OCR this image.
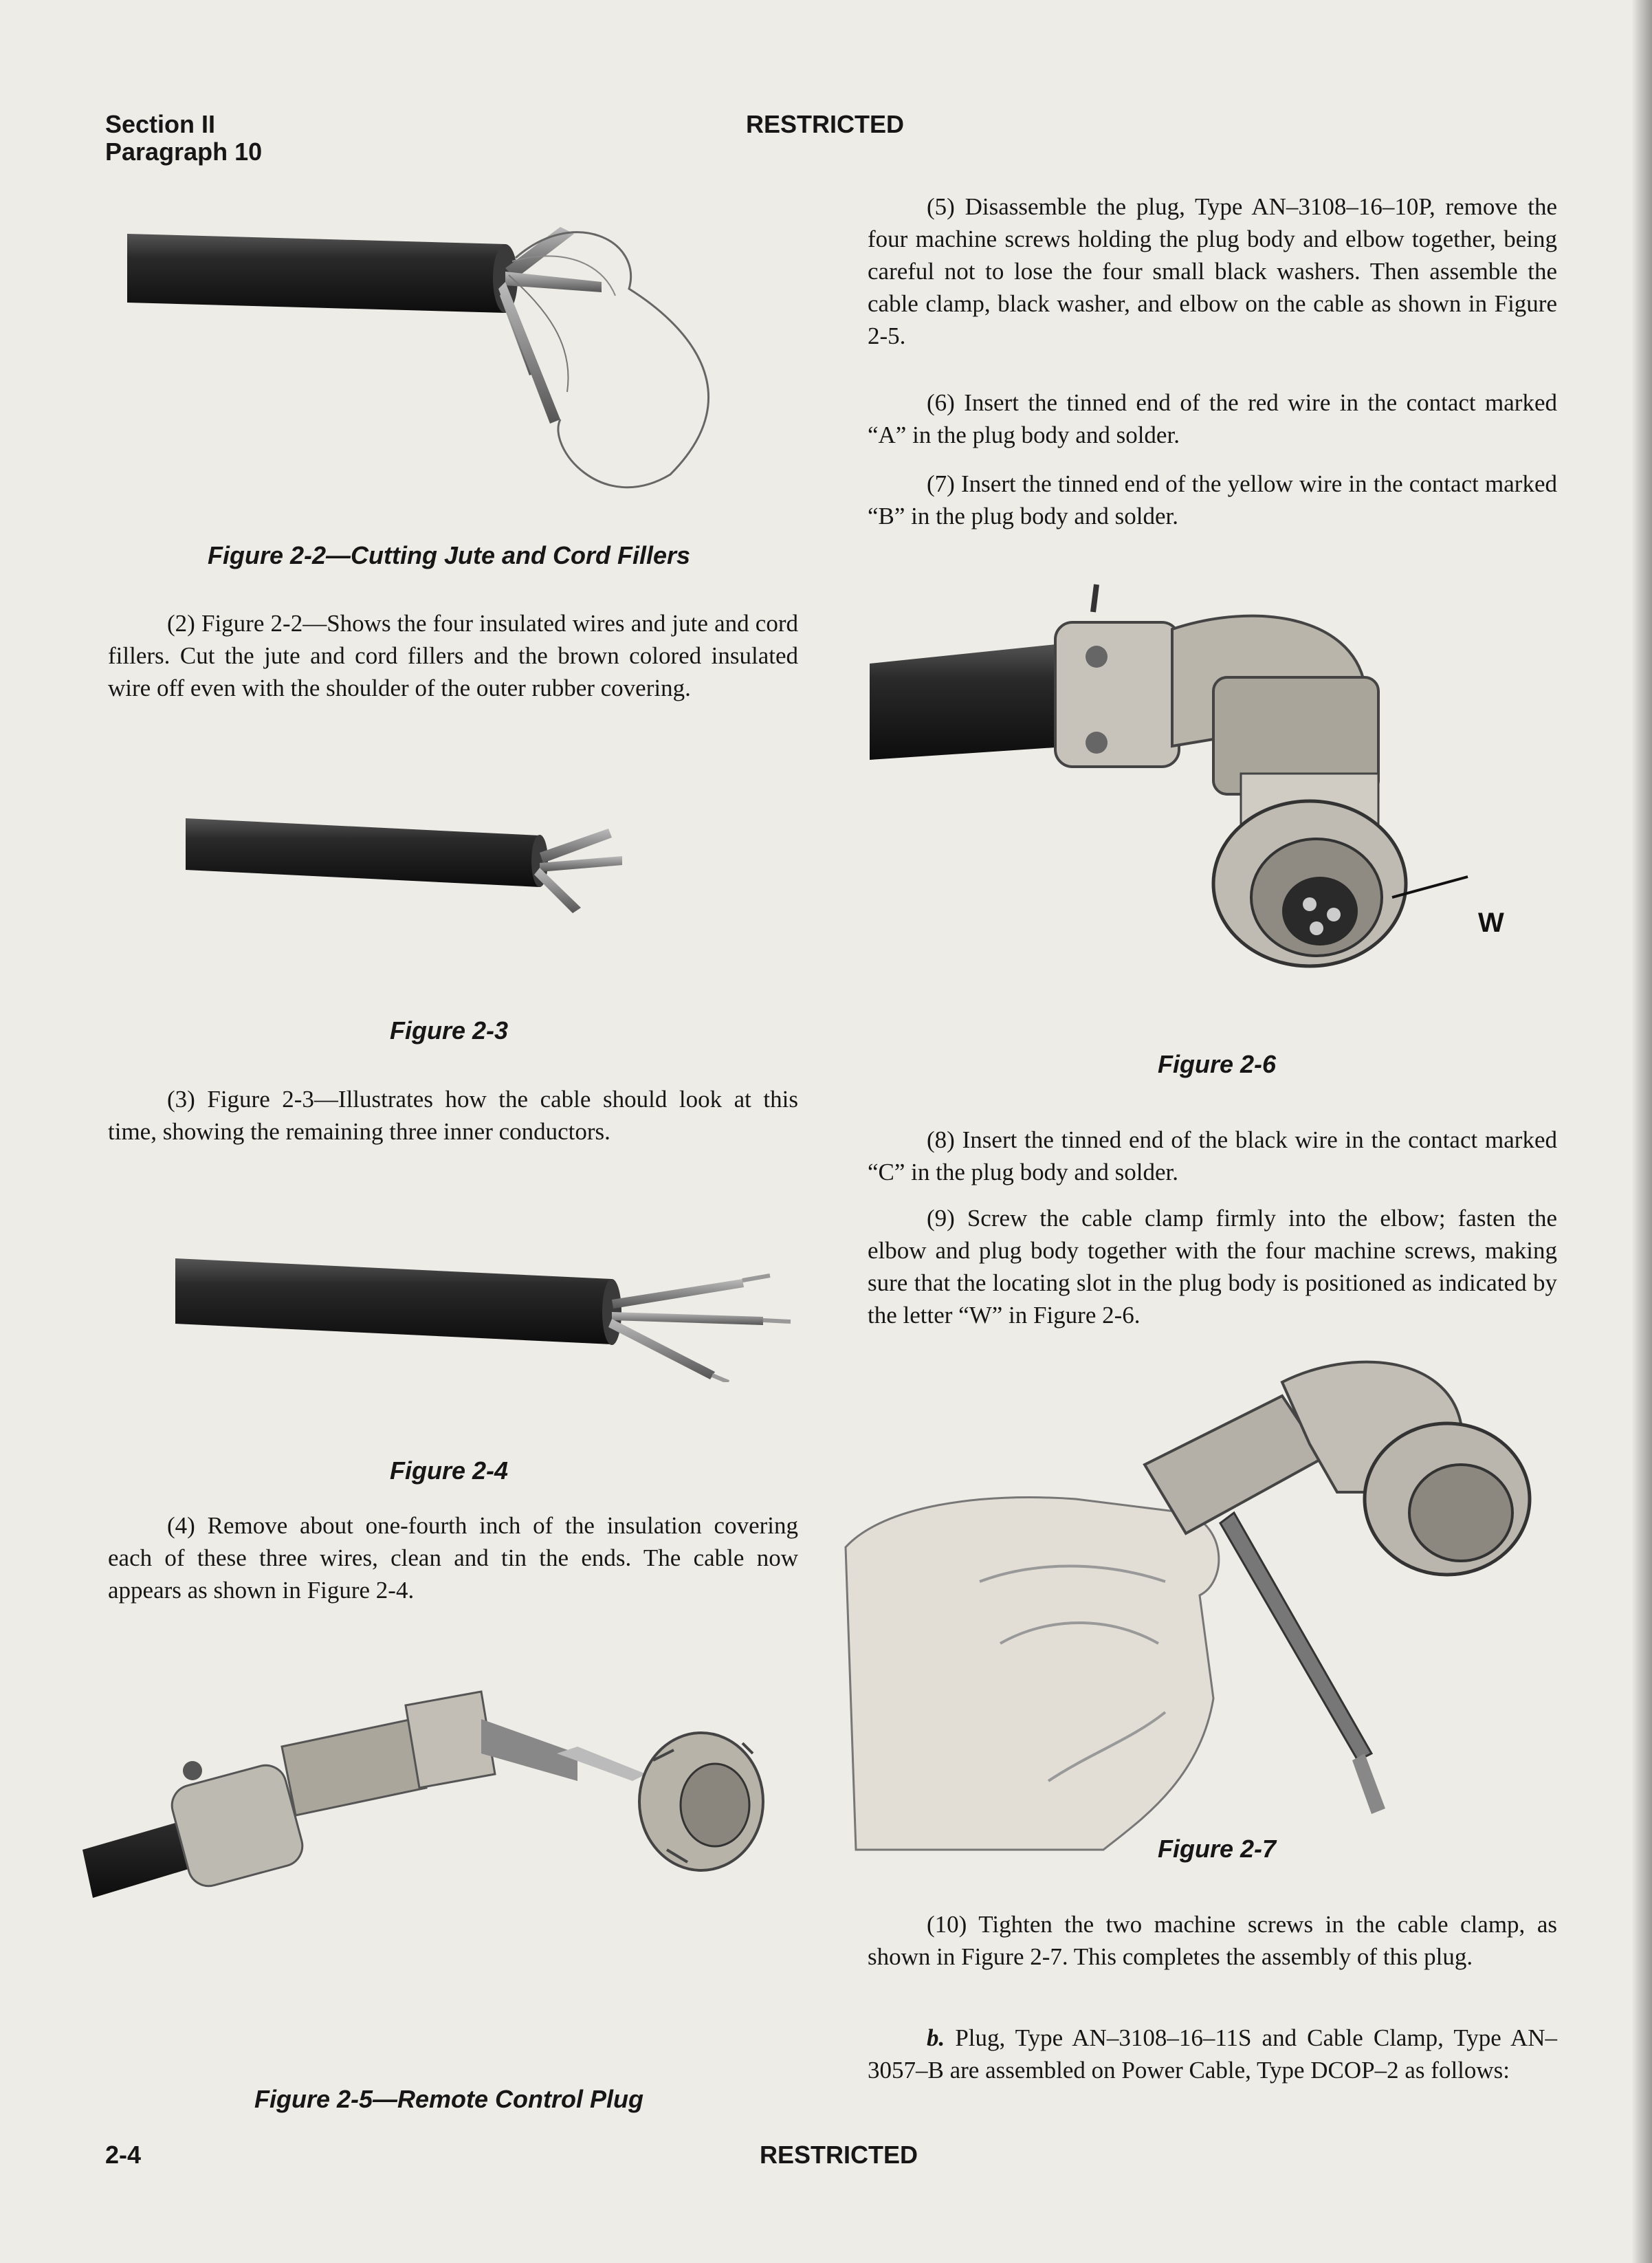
Section II
Paragraph 10
RESTRICTED
Figure 2-2—Cutting Jute and Cord Fillers

(2) Figure 2-2—Shows the four insulated wires and jute and cord fillers. Cut the jute and cord fillers and the brown colored insulated wire off even with the shoulder of the outer rubber covering.

Figure 2-3

(3) Figure 2-3—Illustrates how the cable should look at this time, showing the remaining three inner conductors.

Figure 2-4

(4) Remove about one-fourth inch of the insulation covering each of these three wires, clean and tin the ends. The cable now appears as shown in Figure 2-4.

Figure 2-5—Remote Control Plug

(5) Disassemble the plug, Type AN–3108–16–10P, remove the four machine screws holding the plug body and elbow together, being careful not to lose the four small black washers. Then assemble the cable clamp, black washer, and elbow on the cable as shown in Figure 2-5.

(6) Insert the tinned end of the red wire in the contact marked “A” in the plug body and solder.

(7) Insert the tinned end of the yellow wire in the contact marked “B” in the plug body and solder.

W
Figure 2-6

(8) Insert the tinned end of the black wire in the contact marked “C” in the plug body and solder.

(9) Screw the cable clamp firmly into the elbow; fasten the elbow and plug body together with the four machine screws, making sure that the locating slot in the plug body is positioned as indicated by the letter “W” in Figure 2-6.

Figure 2-7

(10) Tighten the two machine screws in the cable clamp, as shown in Figure 2-7. This completes the assembly of this plug.

b. Plug, Type AN–3108–16–11S and Cable Clamp, Type AN–3057–B are assembled on Power Cable, Type DCOP–2 as follows:

2-4	RESTRICTED
